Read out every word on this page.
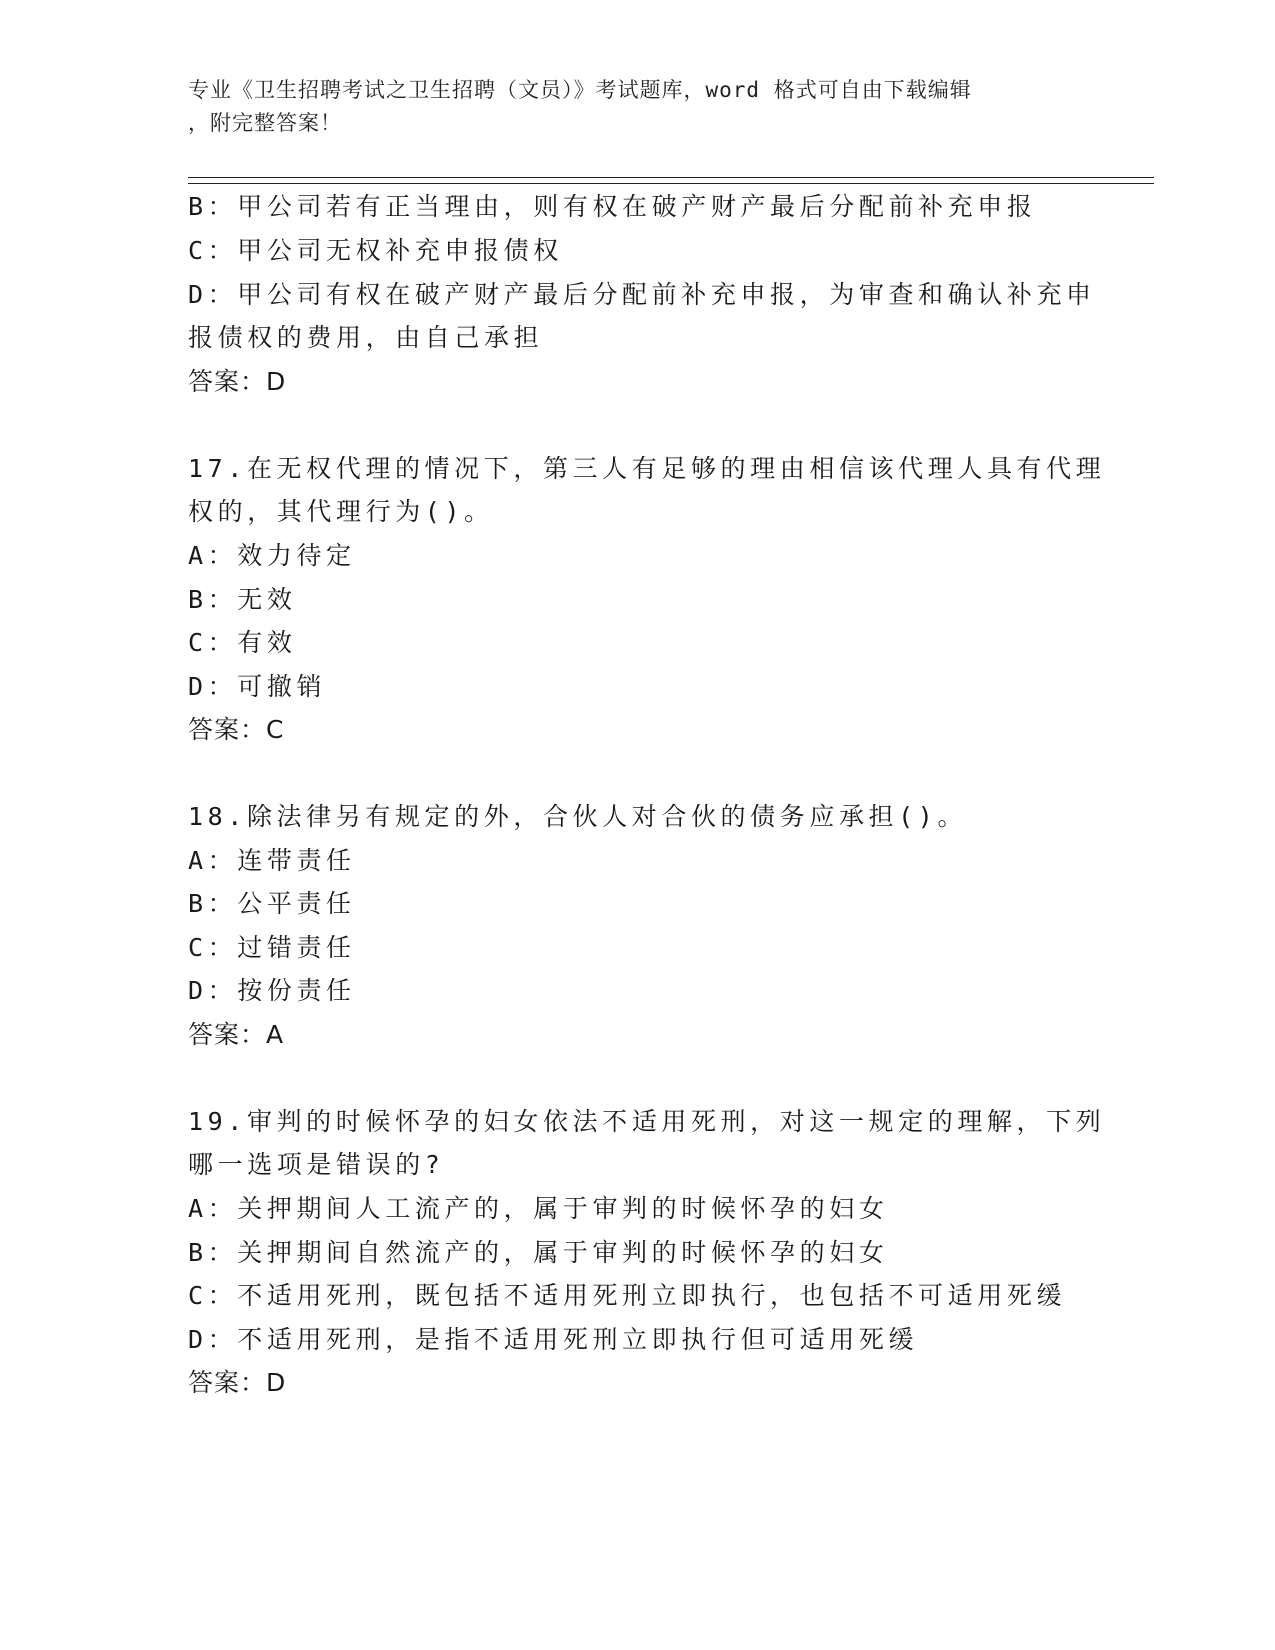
专业《卫生招聘考试之卫生招聘（文员）》考试题库，word 格式可自由下载编辑
，附完整答案！
B：甲公司若有正当理由，则有权在破产财产最后分配前补充申报
C：甲公司无权补充申报债权
D：甲公司有权在破产财产最后分配前补充申报，为审查和确认补充申
报债权的费用，由自己承担
答案：D
17.在无权代理的情况下，第三人有足够的理由相信该代理人具有代理
权的，其代理行为()。
A：效力待定
B：无效
C：有效
D：可撤销
答案：C
18.除法律另有规定的外，合伙人对合伙的债务应承担()。
A：连带责任
B：公平责任
C：过错责任
D：按份责任
答案：A
19.审判的时候怀孕的妇女依法不适用死刑，对这一规定的理解，下列
哪一选项是错误的?
A：关押期间人工流产的，属于审判的时候怀孕的妇女
B：关押期间自然流产的，属于审判的时候怀孕的妇女
C：不适用死刑，既包括不适用死刑立即执行，也包括不可适用死缓
D：不适用死刑，是指不适用死刑立即执行但可适用死缓
答案：D
